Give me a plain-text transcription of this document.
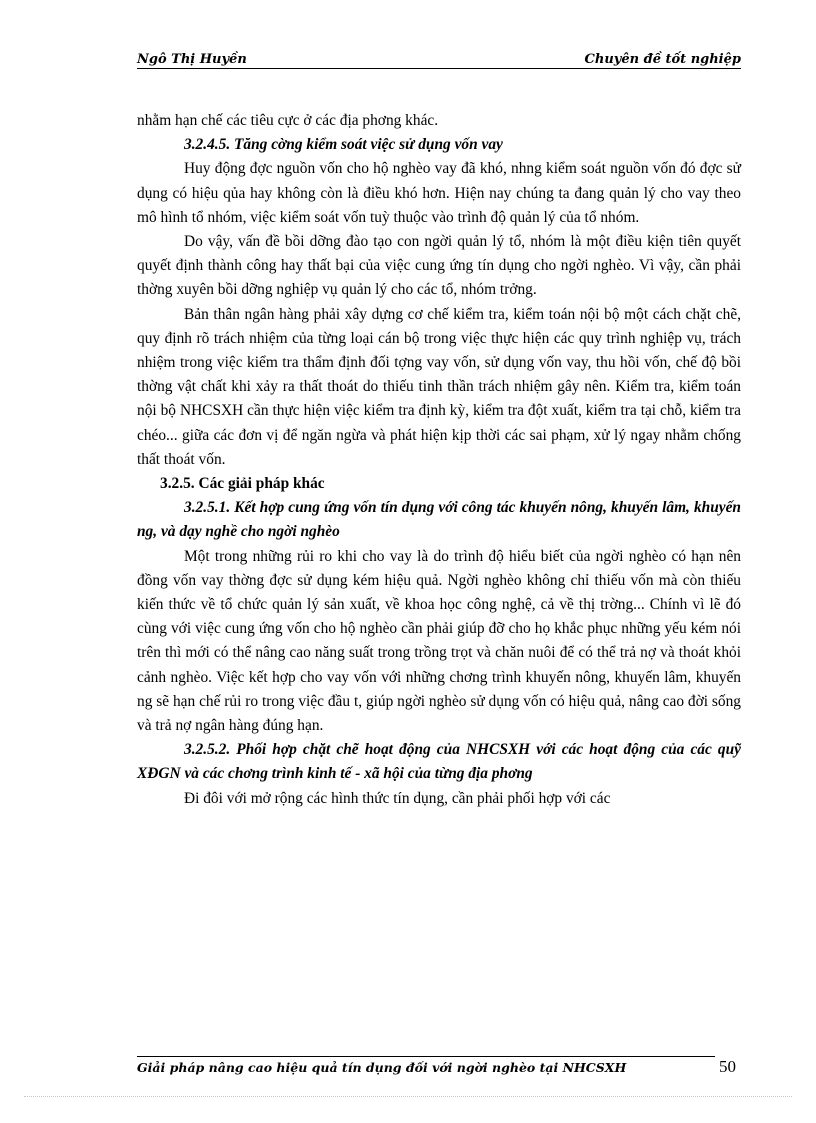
Ngô Thị Huyền	Chuyên đề tốt nghiệp

nhằm hạn chế các tiêu cực ở các địa phơng khác.

3.2.4.5. Tăng cờng kiểm soát việc sử dụng vốn vay

Huy động đợc nguồn vốn cho hộ nghèo vay đã khó, nhng kiểm soát nguồn vốn đó đợc sử dụng có hiệu qủa hay không còn là điều khó hơn. Hiện nay chúng ta đang quản lý cho vay theo mô hình tổ nhóm, việc kiểm soát vốn tuỳ thuộc vào trình độ quản lý của tổ nhóm.

Do vậy, vấn đề bồi dỡng đào tạo con ngời quản lý tổ, nhóm là một điều kiện tiên quyết quyết định thành công hay thất bại của việc cung ứng tín dụng cho ngời nghèo. Vì vậy, cần phải thờng xuyên bồi dỡng nghiệp vụ quản lý cho các tổ, nhóm trởng.

Bản thân ngân hàng phải xây dựng cơ chế kiểm tra, kiểm toán nội bộ một cách chặt chẽ, quy định rõ trách nhiệm của từng loại cán bộ trong việc thực hiện các quy trình nghiệp vụ, trách nhiệm trong việc kiểm tra thẩm định đối tợng vay vốn, sử dụng vốn vay, thu hồi vốn, chế độ bồi thờng vật chất khi xảy ra thất thoát do thiếu tinh thần trách nhiệm gây nên. Kiểm tra, kiểm toán nội bộ NHCSXH cần thực hiện việc kiểm tra định kỳ, kiểm tra đột xuất, kiểm tra tại chỗ, kiểm tra chéo... giữa các đơn vị để ngăn ngừa và phát hiện kịp thời các sai phạm, xử lý ngay nhằm chống thất thoát vốn.

3.2.5. Các giải pháp khác

3.2.5.1. Kết hợp cung ứng vốn tín dụng với công tác khuyến nông, khuyến lâm, khuyến ng, và dạy nghề cho ngời nghèo

Một trong những rủi ro khi cho vay là do trình độ hiểu biết của ngời nghèo có hạn nên đồng vốn vay thờng đợc sử dụng kém hiệu quả. Ngời nghèo không chỉ thiếu vốn mà còn thiếu kiến thức về tổ chức quản lý sản xuất, về khoa học công nghệ, cả về thị trờng... Chính vì lẽ đó cùng với việc cung ứng vốn cho hộ nghèo cần phải giúp đỡ cho họ khắc phục những yếu kém nói trên thì mới có thể nâng cao năng suất trong trồng trọt và chăn nuôi để có thể trả nợ và thoát khỏi cảnh nghèo. Việc kết hợp cho vay vốn với những chơng trình khuyến nông, khuyến lâm, khuyến ng sẽ hạn chế rủi ro trong việc đầu t, giúp ngời nghèo sử dụng vốn có hiệu quả, nâng cao đời sống và trả nợ ngân hàng đúng hạn.

3.2.5.2. Phối hợp chặt chẽ hoạt động của NHCSXH với các hoạt động của các quỹ XĐGN và các chơng trình kinh tế - xã hội của từng địa phơng

Đi đôi với mở rộng các hình thức tín dụng, cần phải phối hợp với các

Giải pháp nâng cao hiệu quả tín dụng đối với ngời nghèo tại NHCSXH	50
